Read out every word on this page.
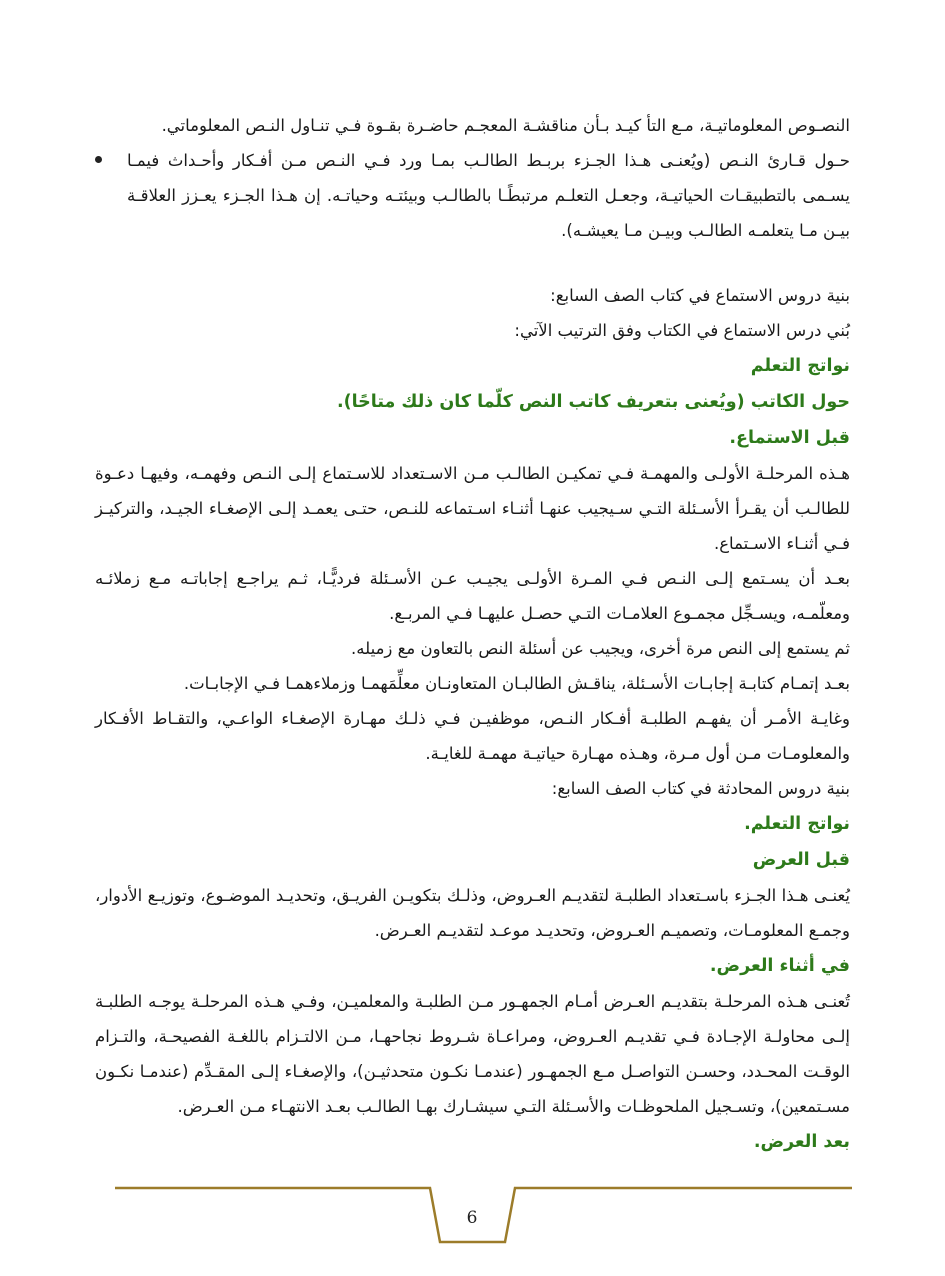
النصـوص المعلوماتيـة، مـع التأ كيـد بـأن مناقشـة المعجـم حاضـرة بقـوة فـي تنـاول النـص المعلوماتي.
حـول قـارئ النـص (ويُعنـى هـذا الجـزء بربـط الطالـب بمـا ورد فـي النـص مـن أفـكار وأحـداث فيمـا يسـمى بالتطبيقـات الحياتيـة، وجعـل التعلـم مرتبطًـا بالطالـب وبيئتـه وحياتـه. إن هـذا الجـزء يعـزز العلاقـة بيـن مـا يتعلمـه الطالـب وبيـن مـا يعيشـه).

بنية دروس الاستماع في كتاب الصف السابع:

بُني درس الاستماع في الكتاب وفق الترتيب الآتي:

نواتج التعلم
حول الكاتب (ويُعنى بتعريف كاتب النص كلّما كان ذلك متاحًا).
قبل الاستماع.

هـذه المرحلـة الأولـى والمهمـة فـي تمكيـن الطالـب مـن الاسـتعداد للاسـتماع إلـى النـص وفهمـه، وفيهـا دعـوة للطالـب أن يقـرأ الأسـئلة التـي سـيجيب عنهـا أثنـاء اسـتماعه للنـص، حتـى يعمـد إلـى الإصغـاء الجيـد، والتركيـز فـي أثنـاء الاسـتماع.

بعـد أن يسـتمع إلـى النـص فـي المـرة الأولـى يجيـب عـن الأسـئلة فرديًّـا، ثـم يراجـع إجاباتـه مـع زملائـه ومعلّمـه، ويسـجِّل مجمـوع العلامـات التـي حصـل عليهـا فـي المربـع.

ثم يستمع إلى النص مرة أخرى، ويجيب عن أسئلة النص بالتعاون مع زميله.

بعـد إتمـام كتابـة إجابـات الأسـئلة، يناقـش الطالبـان المتعاونـان معلِّمَهمـا وزملاءهمـا فـي الإجابـات.

وغايـة الأمـر أن يفهـم الطلبـة أفـكار النـص، موظفيـن فـي ذلـك مهـارة الإصغـاء الواعـي، والتقـاط الأفـكار والمعلومـات مـن أول مـرة، وهـذه مهـارة حياتيـة مهمـة للغايـة.

بنية دروس المحادثة في كتاب الصف السابع:

نواتج التعلم.
قبل العرض

يُعنـى هـذا الجـزء باسـتعداد الطلبـة لتقديـم العـروض، وذلـك بتكويـن الفريـق، وتحديـد الموضـوع، وتوزيـع الأدوار، وجمـع المعلومـات، وتصميـم العـروض، وتحديـد موعـد لتقديـم العـرض.

في أثناء العرض.

تُعنـى هـذه المرحلـة بتقديـم العـرض أمـام الجمهـور مـن الطلبـة والمعلميـن، وفـي هـذه المرحلـة يوجـه الطلبـة إلـى محاولـة الإجـادة فـي تقديـم العـروض، ومراعـاة شـروط نجاحهـا، مـن الالتـزام باللغـة الفصيحـة، والتـزام الوقـت المحـدد، وحسـن التواصـل مـع الجمهـور (عندمـا نكـون متحدثيـن)، والإصغـاء إلـى المقـدِّم (عندمـا نكـون مسـتمعين)، وتسـجيل الملحوظـات والأسـئلة التـي سيشـارك بهـا الطالـب بعـد الانتهـاء مـن العـرض.

بعد العرض.
6
